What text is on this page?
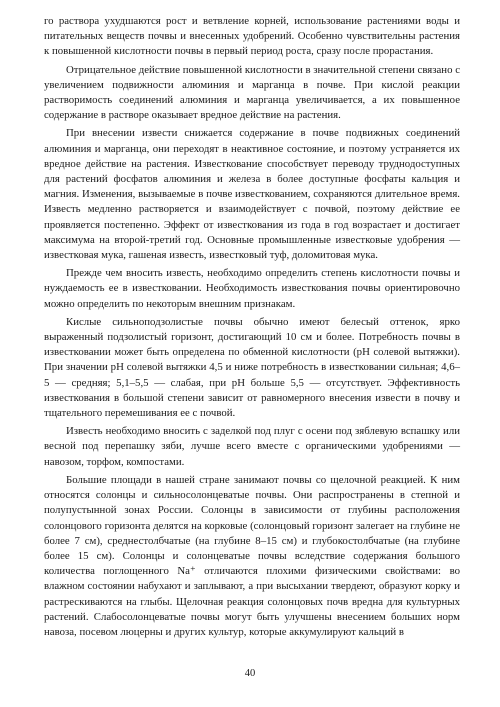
го раствора ухудшаются рост и ветвление корней, использование растениями воды и питательных веществ почвы и внесенных удобрений. Особенно чувствительны растения к повышенной кислотности почвы в первый период роста, сразу после прорастания.

Отрицательное действие повышенной кислотности в значительной степени связано с увеличением подвижности алюминия и марганца в почве. При кислой реакции растворимость соединений алюминия и марганца увеличивается, а их повышенное содержание в растворе оказывает вредное действие на растения.

При внесении извести снижается содержание в почве подвижных соединений алюминия и марганца, они переходят в неактивное состояние, и поэтому устраняется их вредное действие на растения. Известкование способствует переводу труднодоступных для растений фосфатов алюминия и железа в более доступные фосфаты кальция и магния. Изменения, вызываемые в почве известкованием, сохраняются длительное время. Известь медленно растворяется и взаимодействует с почвой, поэтому действие ее проявляется постепенно. Эффект от известкования из года в год возрастает и достигает максимума на второй-третий год. Основные промышленные известковые удобрения — известковая мука, гашеная известь, известковый туф, доломитовая мука.

Прежде чем вносить известь, необходимо определить степень кислотности почвы и нуждаемость ее в известковании. Необходимость известкования почвы ориентировочно можно определить по некоторым внешним признакам.

Кислые сильноподзолистые почвы обычно имеют белесый оттенок, ярко выраженный подзолистый горизонт, достигающий 10 см и более. Потребность почвы в известковании может быть определена по обменной кислотности (рН солевой вытяжки). При значении рН солевой вытяжки 4,5 и ниже потребность в известковании сильная; 4,6–5 — средняя; 5,1–5,5 — слабая, при рН больше 5,5 — отсутствует. Эффективность известкования в большой степени зависит от равномерного внесения извести в почву и тщательного перемешивания ее с почвой.

Известь необходимо вносить с заделкой под плуг с осени под зяблевую вспашку или весной под перепашку зяби, лучше всего вместе с органическими удобрениями — навозом, торфом, компостами.

Большие площади в нашей стране занимают почвы со щелочной реакцией. К ним относятся солонцы и сильносолонцеватые почвы. Они распространены в степной и полупустынной зонах России. Солонцы в зависимости от глубины расположения солонцового горизонта делятся на корковые (солонцовый горизонт залегает на глубине не более 7 см), среднестолбчатые (на глубине 8–15 см) и глубокостолбчатые (на глубине более 15 см). Солонцы и солонцеватые почвы вследствие содержания большого количества поглощенного Na⁺ отличаются плохими физическими свойствами: во влажном состоянии набухают и заплывают, а при высыхании твердеют, образуют корку и растрескиваются на глыбы. Щелочная реакция солонцовых почв вредна для культурных растений. Слабосолонцеватые почвы могут быть улучшены внесением больших норм навоза, посевом люцерны и других культур, которые аккумулируют кальций в

40
